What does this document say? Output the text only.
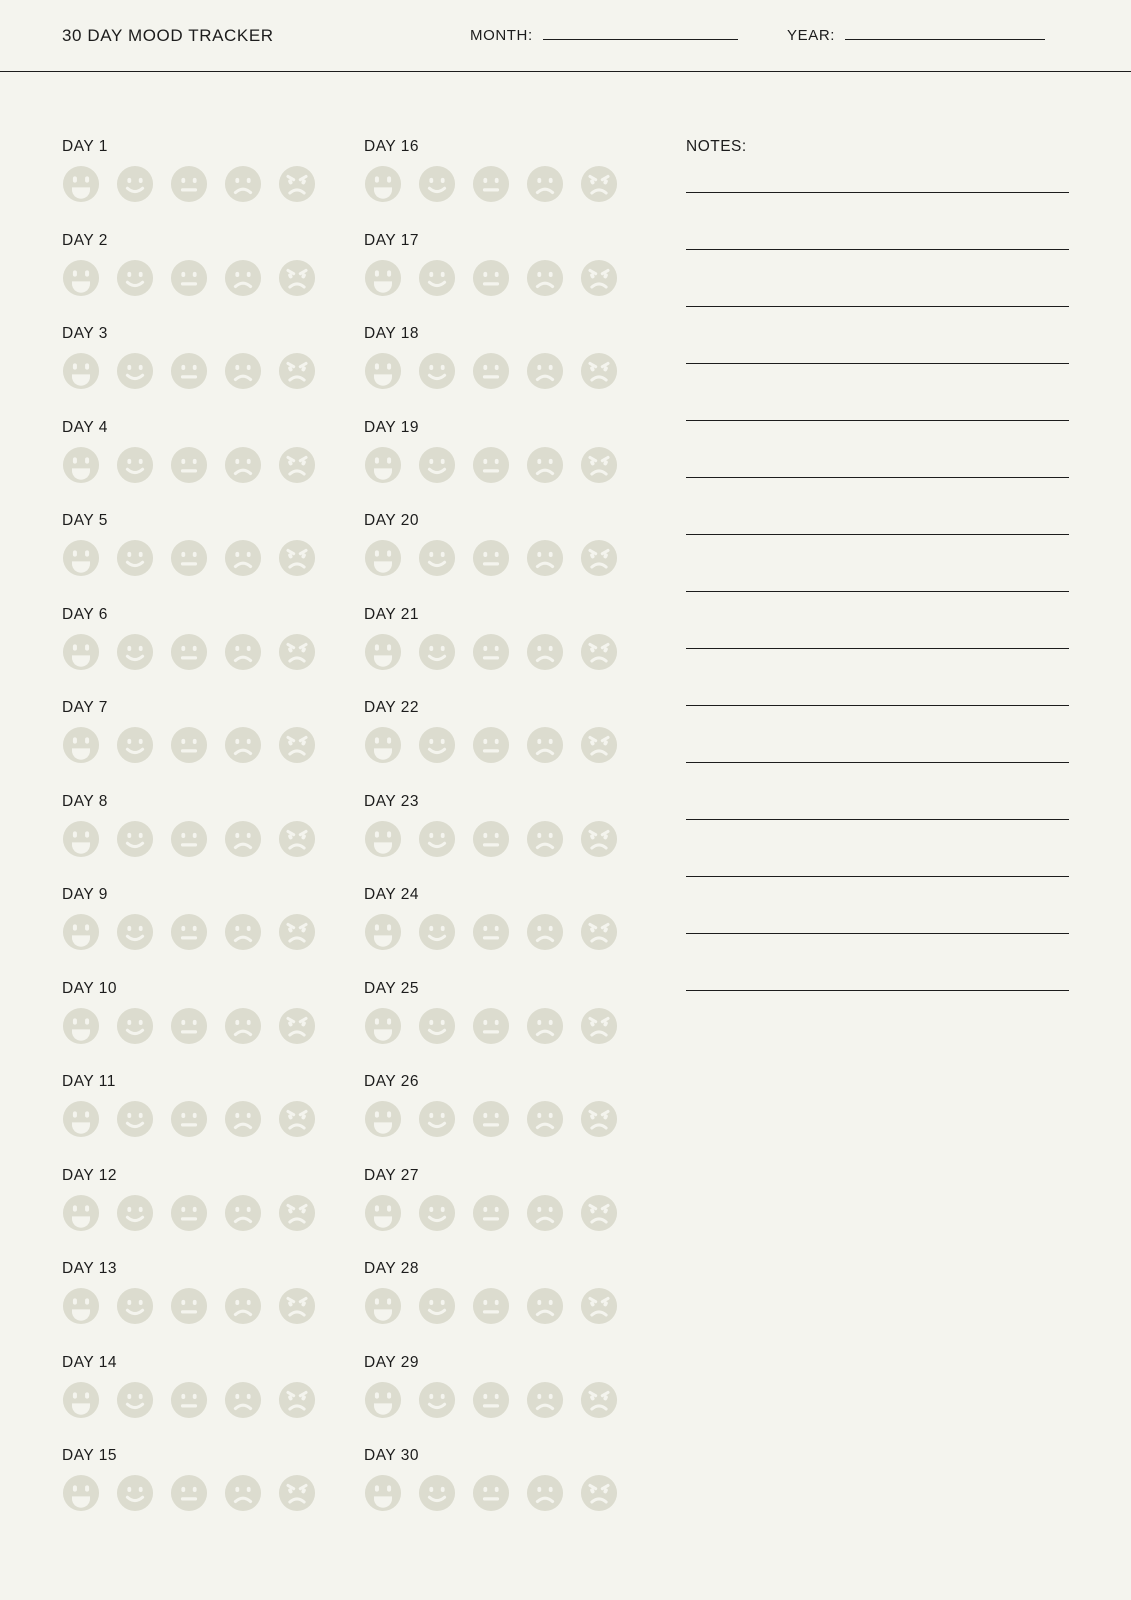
30 DAY MOOD TRACKER	MONTH:	YEAR:
DAY 1
DAY 2
DAY 3
DAY 4
DAY 5
DAY 6
DAY 7
DAY 8
DAY 9
DAY 10
DAY 11
DAY 12
DAY 13
DAY 14
DAY 15
DAY 16
DAY 17
DAY 18
DAY 19
DAY 20
DAY 21
DAY 22
DAY 23
DAY 24
DAY 25
DAY 26
DAY 27
DAY 28
DAY 29
DAY 30
NOTES:
